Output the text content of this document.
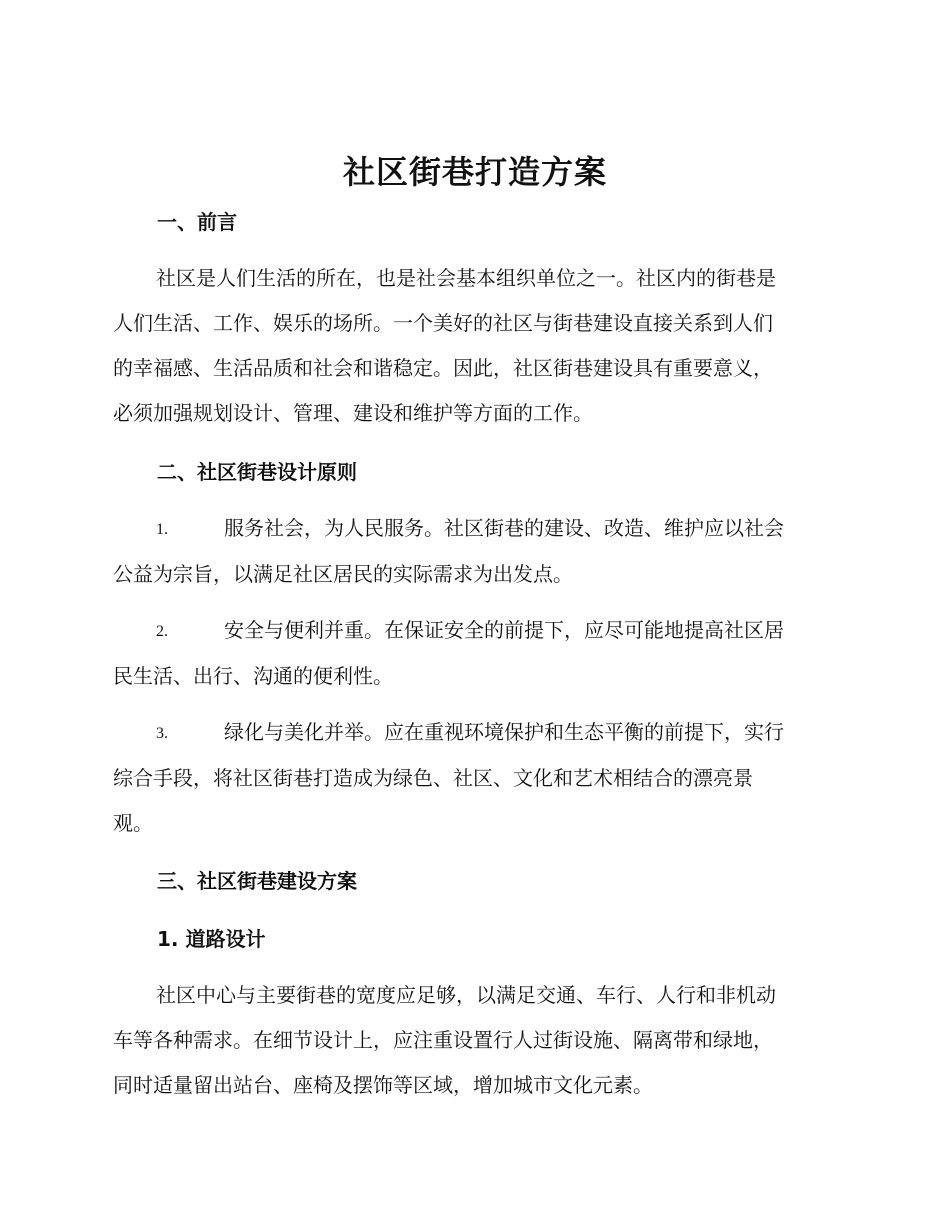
社区街巷打造方案
一、前言
社区是人们生活的所在，也是社会基本组织单位之一。社区内的街巷是
人们生活、工作、娱乐的场所。一个美好的社区与街巷建设直接关系到人们
的幸福感、生活品质和社会和谐稳定。因此，社区街巷建设具有重要意义，
必须加强规划设计、管理、建设和维护等方面的工作。
二、社区街巷设计原则
1.	服务社会，为人民服务。社区街巷的建设、改造、维护应以社会
公益为宗旨，以满足社区居民的实际需求为出发点。
2.	安全与便利并重。在保证安全的前提下，应尽可能地提高社区居
民生活、出行、沟通的便利性。
3.	绿化与美化并举。应在重视环境保护和生态平衡的前提下，实行
综合手段，将社区街巷打造成为绿色、社区、文化和艺术相结合的漂亮景
观。
三、社区街巷建设方案
1. 道路设计
社区中心与主要街巷的宽度应足够，以满足交通、车行、人行和非机动
车等各种需求。在细节设计上，应注重设置行人过街设施、隔离带和绿地，
同时适量留出站台、座椅及摆饰等区域，增加城市文化元素。
